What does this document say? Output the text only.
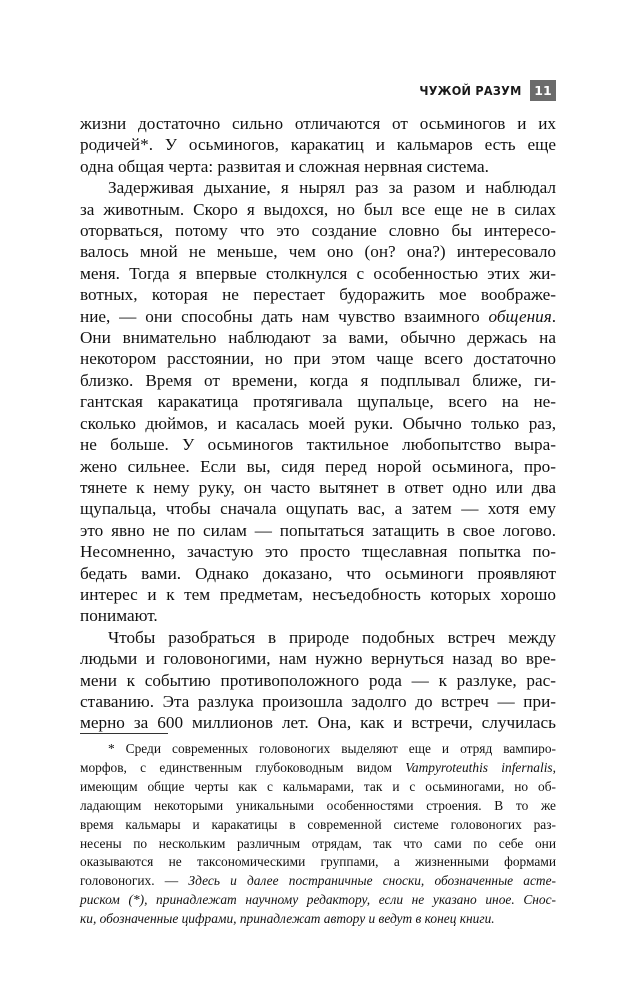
ЧУЖОЙ РАЗУМ 11

жизни достаточно сильно отличаются от осьминогов и их
родичей*. У осьминогов, каракатиц и кальмаров есть еще
одна общая черта: развитая и сложная нервная система.

Задерживая дыхание, я нырял раз за разом и наблюдал
за животным. Скоро я выдохся, но был все еще не в силах
оторваться, потому что это создание словно бы интересо-
валось мной не меньше, чем оно (он? она?) интересовало
меня. Тогда я впервые столкнулся с особенностью этих жи-
вотных, которая не перестает будоражить мое воображе-
ние, — они способны дать нам чувство взаимного общения.
Они внимательно наблюдают за вами, обычно держась на
некотором расстоянии, но при этом чаще всего достаточно
близко. Время от времени, когда я подплывал ближе, ги-
гантская каракатица протягивала щупальце, всего на не-
сколько дюймов, и касалась моей руки. Обычно только раз,
не больше. У осьминогов тактильное любопытство выра-
жено сильнее. Если вы, сидя перед норой осьминога, про-
тянете к нему руку, он часто вытянет в ответ одно или два
щупальца, чтобы сначала ощупать вас, а затем — хотя ему
это явно не по силам — попытаться затащить в свое логово.
Несомненно, зачастую это просто тщеславная попытка по-
бедать вами. Однако доказано, что осьминоги проявляют
интерес и к тем предметам, несъедобность которых хорошо
понимают.

Чтобы разобраться в природе подобных встреч между
людьми и головоногими, нам нужно вернуться назад во вре-
мени к событию противоположного рода — к разлуке, рас-
ставанию. Эта разлука произошла задолго до встреч — при-
мерно за 600 миллионов лет. Она, как и встречи, случилась

* Среди современных головоногих выделяют еще и отряд вампиро-
морфов, с единственным глубоководным видом Vampyroteuthis infernalis,
имеющим общие черты как с кальмарами, так и с осьминогами, но об-
ладающим некоторыми уникальными особенностями строения. В то же
время кальмары и каракатицы в современной системе головоногих раз-
несены по нескольким различным отрядам, так что сами по себе они
оказываются не таксономическими группами, а жизненными формами
головоногих. — Здесь и далее постраничные сноски, обозначенные асте-
риском (*), принадлежат научному редактору, если не указано иное. Снос-
ки, обозначенные цифрами, принадлежат автору и ведут в конец книги.
